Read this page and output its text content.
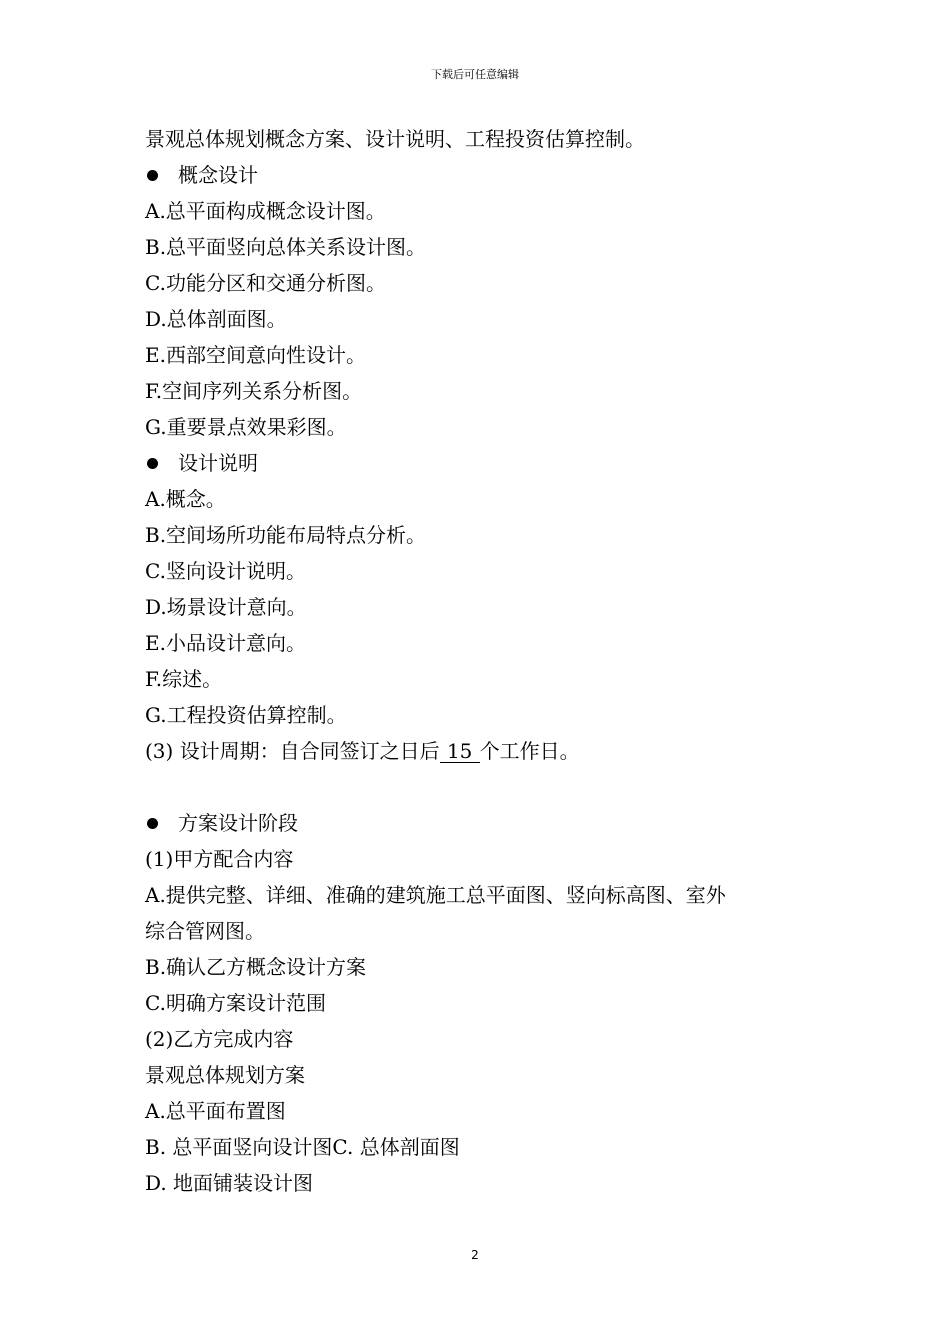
下载后可任意编辑
景观总体规划概念方案、设计说明、工程投资估算控制。
概念设计
A.总平面构成概念设计图。
B.总平面竖向总体关系设计图。
C.功能分区和交通分析图。
D.总体剖面图。
E.西部空间意向性设计。
F.空间序列关系分析图。
G.重要景点效果彩图。
设计说明
A.概念。
B.空间场所功能布局特点分析。
C.竖向设计说明。
D.场景设计意向。
E.小品设计意向。
F.综述。
G.工程投资估算控制。
(3) 设计周期：自合同签订之日后 15 个工作日。
方案设计阶段
(1)甲方配合内容
A.提供完整、详细、准确的建筑施工总平面图、竖向标高图、室外
综合管网图。
B.确认乙方概念设计方案
C.明确方案设计范围
(2)乙方完成内容
景观总体规划方案
A.总平面布置图
B. 总平面竖向设计图C. 总体剖面图
D. 地面铺装设计图
2
